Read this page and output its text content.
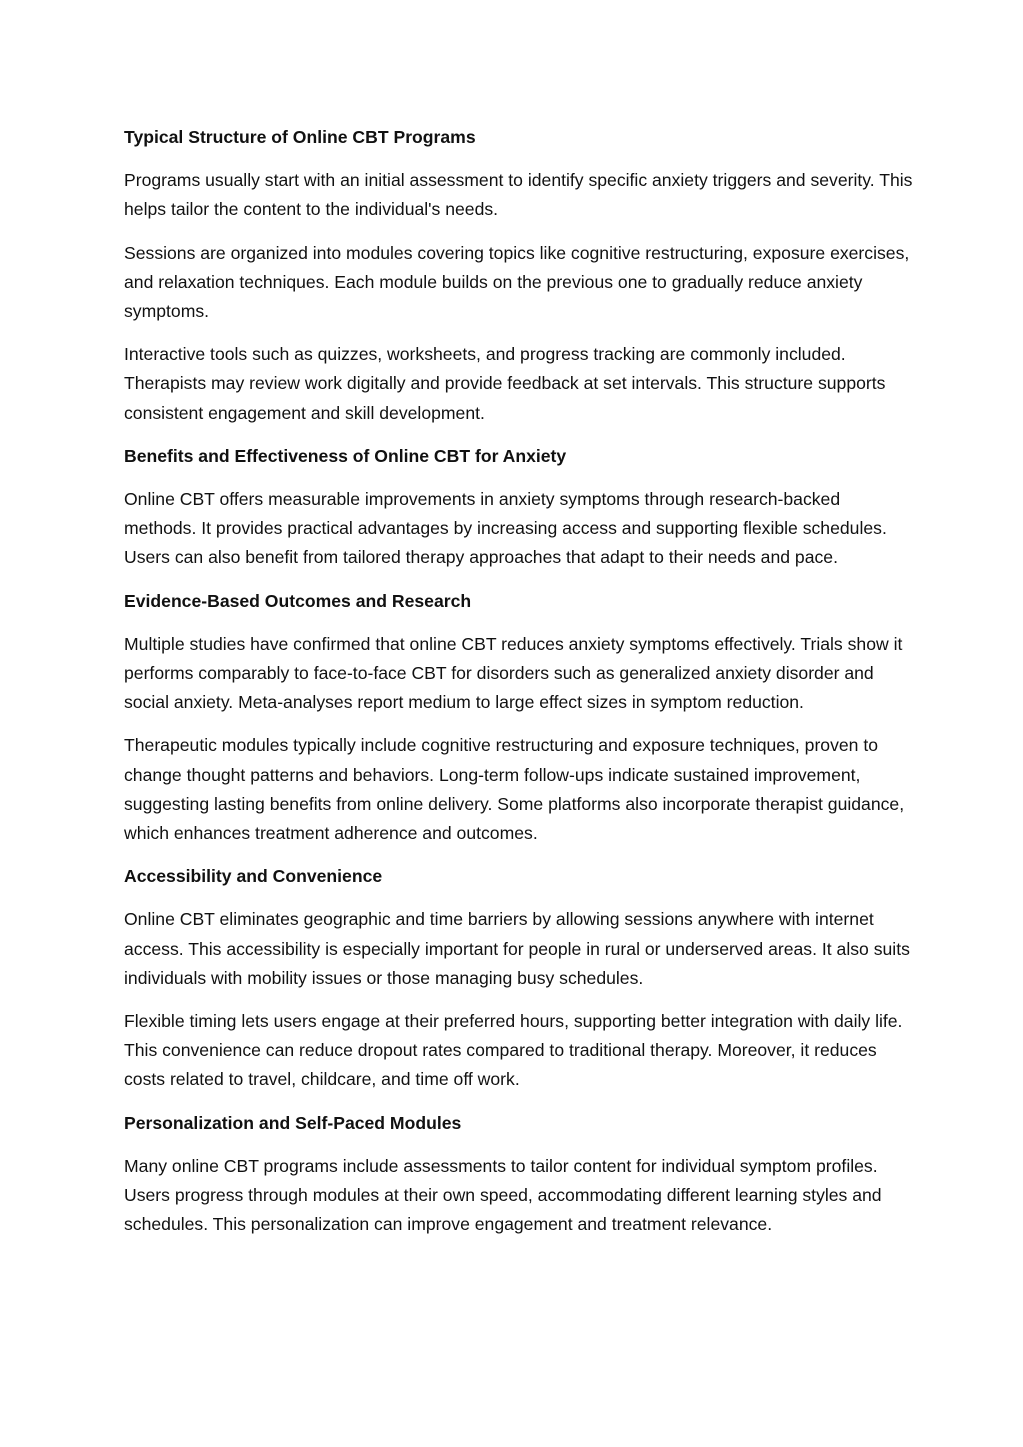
Typical Structure of Online CBT Programs

Programs usually start with an initial assessment to identify specific anxiety triggers and severity. This helps tailor the content to the individual's needs.

Sessions are organized into modules covering topics like cognitive restructuring, exposure exercises, and relaxation techniques. Each module builds on the previous one to gradually reduce anxiety symptoms.

Interactive tools such as quizzes, worksheets, and progress tracking are commonly included. Therapists may review work digitally and provide feedback at set intervals. This structure supports consistent engagement and skill development.

Benefits and Effectiveness of Online CBT for Anxiety

Online CBT offers measurable improvements in anxiety symptoms through research-backed methods. It provides practical advantages by increasing access and supporting flexible schedules. Users can also benefit from tailored therapy approaches that adapt to their needs and pace.

Evidence-Based Outcomes and Research

Multiple studies have confirmed that online CBT reduces anxiety symptoms effectively. Trials show it performs comparably to face-to-face CBT for disorders such as generalized anxiety disorder and social anxiety. Meta-analyses report medium to large effect sizes in symptom reduction.

Therapeutic modules typically include cognitive restructuring and exposure techniques, proven to change thought patterns and behaviors. Long-term follow-ups indicate sustained improvement, suggesting lasting benefits from online delivery. Some platforms also incorporate therapist guidance, which enhances treatment adherence and outcomes.

Accessibility and Convenience

Online CBT eliminates geographic and time barriers by allowing sessions anywhere with internet access. This accessibility is especially important for people in rural or underserved areas. It also suits individuals with mobility issues or those managing busy schedules.

Flexible timing lets users engage at their preferred hours, supporting better integration with daily life. This convenience can reduce dropout rates compared to traditional therapy. Moreover, it reduces costs related to travel, childcare, and time off work.

Personalization and Self-Paced Modules

Many online CBT programs include assessments to tailor content for individual symptom profiles. Users progress through modules at their own speed, accommodating different learning styles and schedules. This personalization can improve engagement and treatment relevance.
